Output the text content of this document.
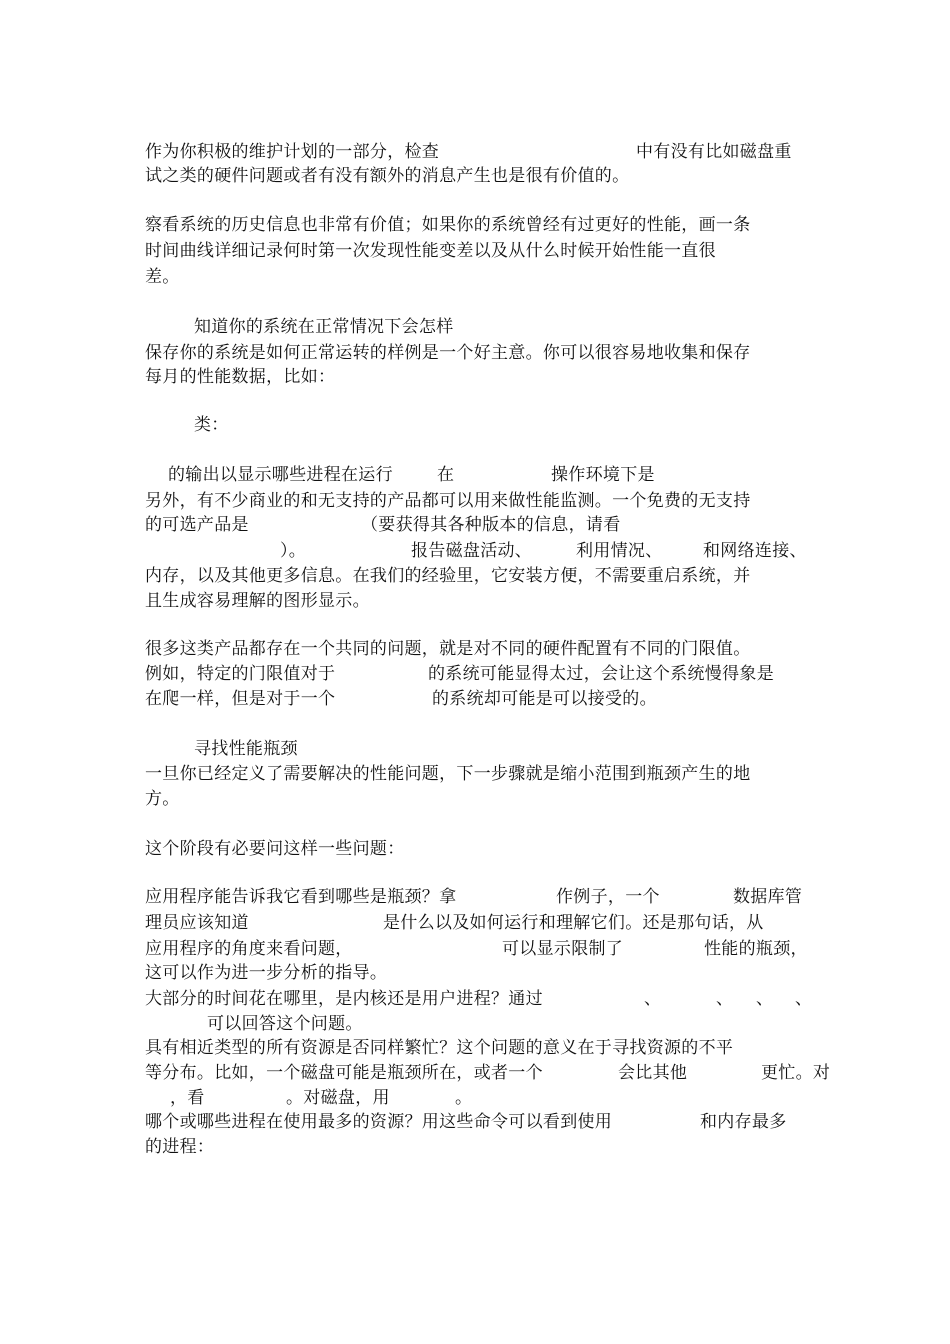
作为你积极的维护计划的一部分，检查	中有没有比如磁盘重
试之类的硬件问题或者有没有额外的消息产生也是很有价值的。
察看系统的历史信息也非常有价值；如果你的系统曾经有过更好的性能，画一条
时间曲线详细记录何时第一次发现性能变差以及从什么时候开始性能一直很
差。
知道你的系统在正常情况下会怎样
保存你的系统是如何正常运转的样例是一个好主意。你可以很容易地收集和保存
每月的性能数据，比如：
类：
的输出以显示哪些进程在运行	在	操作环境下是
另外，有不少商业的和无支持的产品都可以用来做性能监测。一个免费的无支持
的可选产品是	（要获得其各种版本的信息，请看
）。	报告磁盘活动、	利用情况、 和网络连接、
内存，以及其他更多信息。在我们的经验里，它安装方便，不需要重启系统，并
且生成容易理解的图形显示。
很多这类产品都存在一个共同的问题，就是对不同的硬件配置有不同的门限值。
例如，特定的门限值对于	的系统可能显得太过，会让这个系统慢得象是
在爬一样，但是对于一个	的系统却可能是可以接受的。
寻找性能瓶颈
一旦你已经定义了需要解决的性能问题，下一步骤就是缩小范围到瓶颈产生的地
方。
这个阶段有必要问这样一些问题：
应用程序能告诉我它看到哪些是瓶颈？拿	作例子，一个	数据库管
理员应该知道	是什么以及如何运行和理解它们。还是那句话，从
应用程序的角度来看问题，	可以显示限制了	性能的瓶颈，
这可以作为进一步分析的指导。
大部分的时间花在哪里，是内核还是用户进程？通过	、	、 、 、
可以回答这个问题。
具有相近类型的所有资源是否同样繁忙？这个问题的意义在于寻找资源的不平
等分布。比如，一个磁盘可能是瓶颈所在，或者一个	会比其他	更忙。对
，看	。对磁盘，用	。
哪个或哪些进程在使用最多的资源？用这些命令可以看到使用	和内存最多
的进程：
